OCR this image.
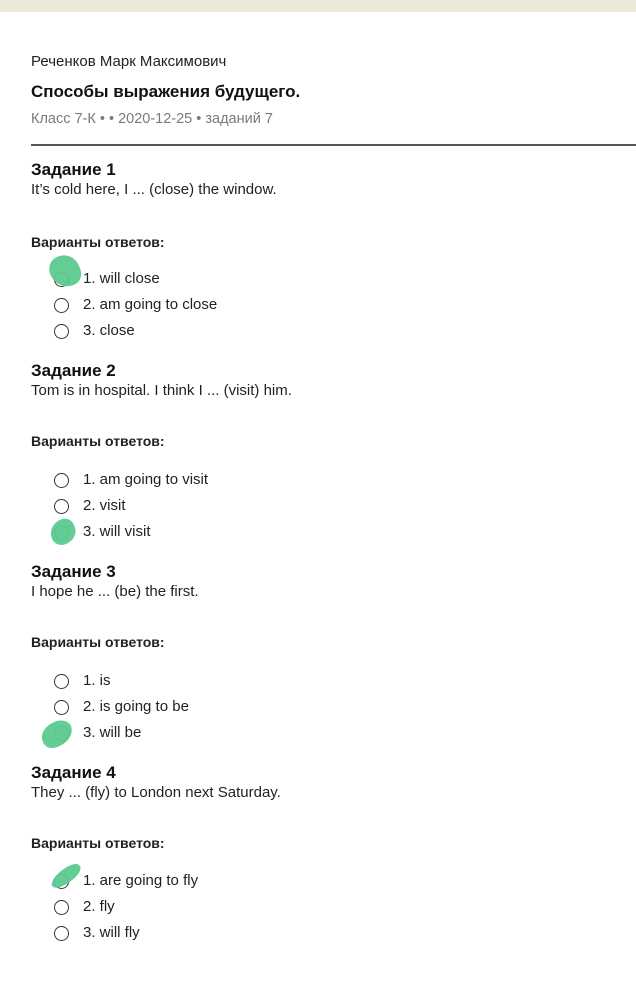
Реченков Марк Максимович
Способы выражения будущего.
Класс 7-К • • 2020-12-25 • заданий 7
Задание 1
It’s cold here, I ... (close) the window.
Варианты ответов:
1. will close
2. am going to close
3. close
Задание 2
Tom is in hospital. I think I ... (visit) him.
Варианты ответов:
1. am going to visit
2. visit
3. will visit
Задание 3
I hope he ... (be) the first.
Варианты ответов:
1. is
2. is going to be
3. will be
Задание 4
They ... (fly) to London next Saturday.
Варианты ответов:
1. are going to fly
2. fly
3. will fly
